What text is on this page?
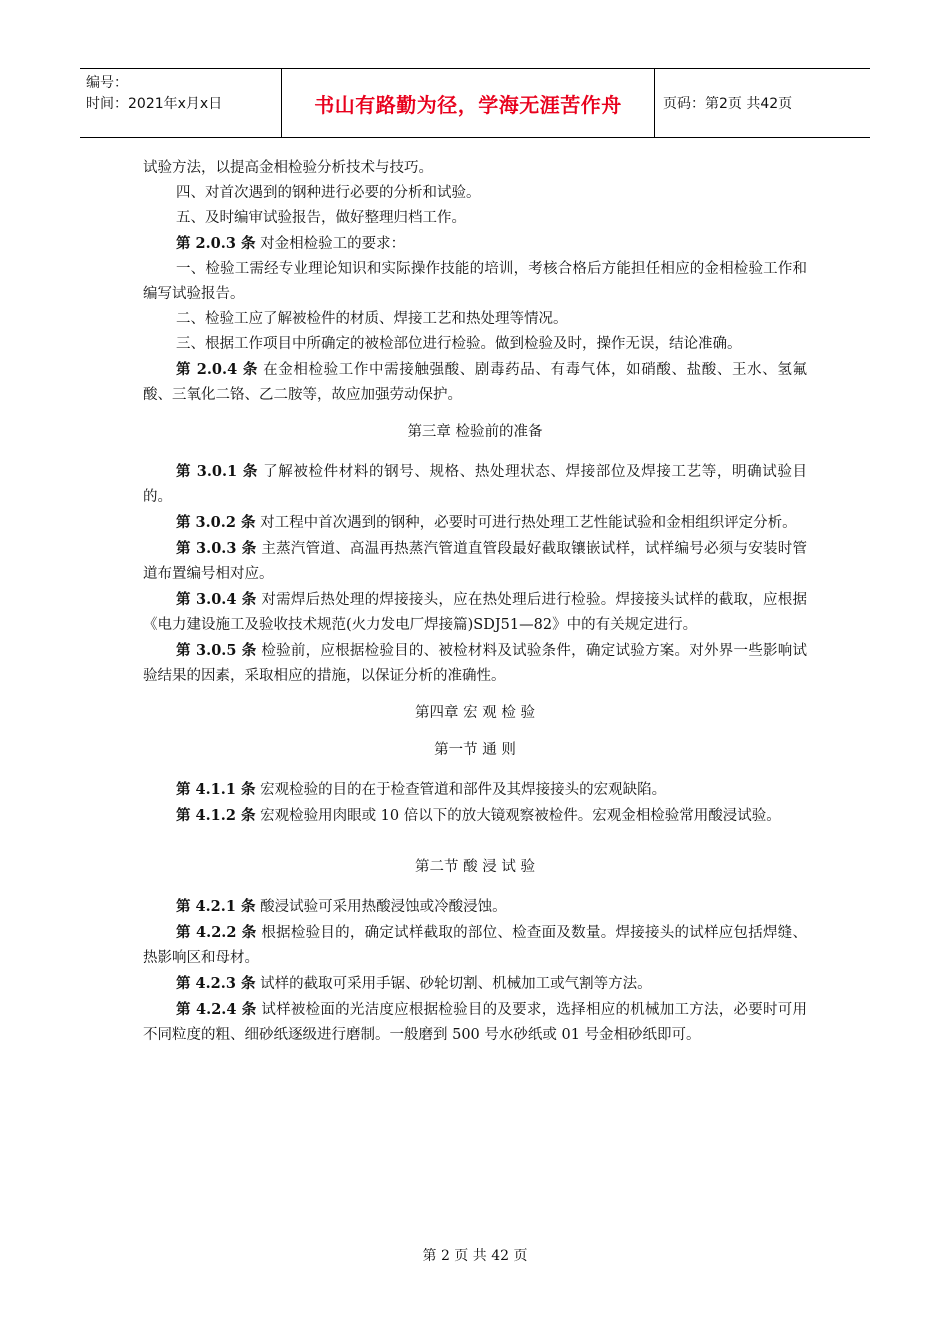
编号：
时间：2021年x月x日	书山有路勤为径，学海无涯苦作舟	页码：第2页 共42页

试验方法，以提高金相检验分析技术与技巧。

四、对首次遇到的钢种进行必要的分析和试验。

五、及时编审试验报告，做好整理归档工作。

第 2.0.3 条 对金相检验工的要求：

一、检验工需经专业理论知识和实际操作技能的培训，考核合格后方能担任相应的金相检验工作和编写试验报告。

二、检验工应了解被检件的材质、焊接工艺和热处理等情况。

三、根据工作项目中所确定的被检部位进行检验。做到检验及时，操作无误，结论准确。

第 2.0.4 条 在金相检验工作中需接触强酸、剧毒药品、有毒气体，如硝酸、盐酸、王水、氢氟酸、三氧化二铬、乙二胺等，故应加强劳动保护。

第三章 检验前的准备

第 3.0.1 条 了解被检件材料的钢号、规格、热处理状态、焊接部位及焊接工艺等，明确试验目的。

第 3.0.2 条 对工程中首次遇到的钢种，必要时可进行热处理工艺性能试验和金相组织评定分析。

第 3.0.3 条 主蒸汽管道、高温再热蒸汽管道直管段最好截取镶嵌试样，试样编号必须与安装时管道布置编号相对应。

第 3.0.4 条 对需焊后热处理的焊接接头，应在热处理后进行检验。焊接接头试样的截取，应根据《电力建设施工及验收技术规范(火力发电厂焊接篇)SDJ51—82》中的有关规定进行。

第 3.0.5 条 检验前，应根据检验目的、被检材料及试验条件，确定试验方案。对外界一些影响试验结果的因素，采取相应的措施，以保证分析的准确性。

第四章 宏 观 检 验

第一节 通 则

第 4.1.1 条 宏观检验的目的在于检查管道和部件及其焊接接头的宏观缺陷。

第 4.1.2 条 宏观检验用肉眼或 10 倍以下的放大镜观察被检件。宏观金相检验常用酸浸试验。

第二节 酸 浸 试 验

第 4.2.1 条 酸浸试验可采用热酸浸蚀或冷酸浸蚀。

第 4.2.2 条 根据检验目的，确定试样截取的部位、检查面及数量。焊接接头的试样应包括焊缝、热影响区和母材。

第 4.2.3 条 试样的截取可采用手锯、砂轮切割、机械加工或气割等方法。

第 4.2.4 条 试样被检面的光洁度应根据检验目的及要求，选择相应的机械加工方法，必要时可用不同粒度的粗、细砂纸逐级进行磨制。一般磨到 500 号水砂纸或 01 号金相砂纸即可。

第 2 页 共 42 页
